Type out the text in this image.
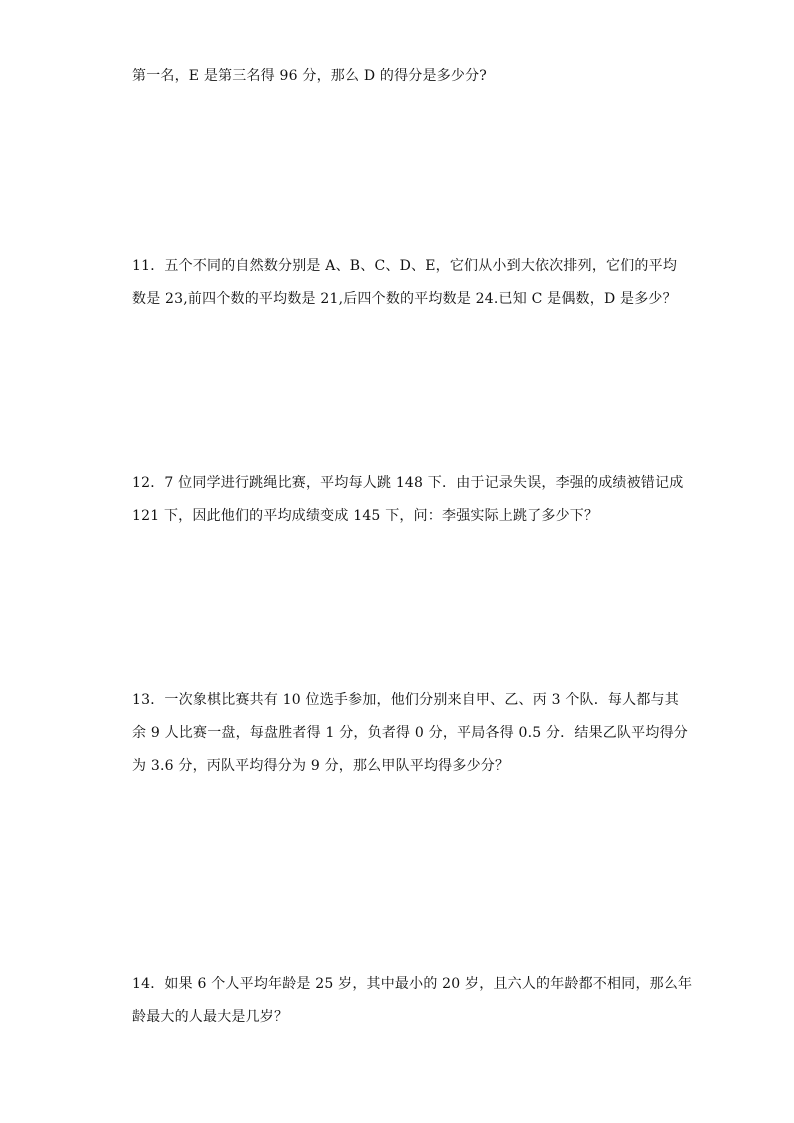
第一名，E 是第三名得 96 分，那么 D 的得分是多少分?
11．五个不同的自然数分别是 A、B、C、D、E，它们从小到大依次排列，它们的平均
数是 23,前四个数的平均数是 21,后四个数的平均数是 24.已知 C 是偶数，D 是多少？
12．7 位同学进行跳绳比赛，平均每人跳 148 下．由于记录失误，李强的成绩被错记成
121 下，因此他们的平均成绩变成 145 下，问：李强实际上跳了多少下？
13．一次象棋比赛共有 10 位选手参加，他们分别来自甲、乙、丙 3 个队．每人都与其
余 9 人比赛一盘，每盘胜者得 1 分，负者得 0 分，平局各得 0.5 分．结果乙队平均得分
为 3.6 分，丙队平均得分为 9 分，那么甲队平均得多少分？
14．如果 6 个人平均年龄是 25 岁，其中最小的 20 岁，且六人的年龄都不相同，那么年
龄最大的人最大是几岁？
